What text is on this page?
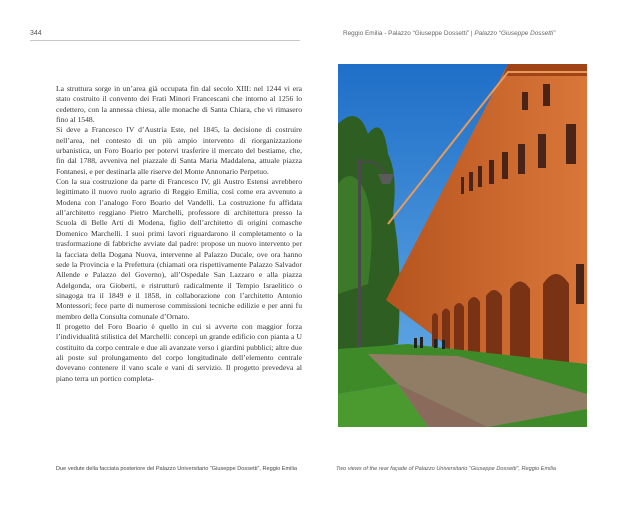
344	Reggio Emilia - Palazzo “Giuseppe Dossetti” | Palazzo “Giuseppe Dossetti”

La struttura sorge in un’area già occupata fin dal secolo XIII: nel 1244 vi era stato costruito il convento dei Frati Minori Francescani che intorno al 1256 lo cedettero, con la annessa chiesa, alle monache di Santa Chiara, che vi rimasero fino al 1548.

Si deve a Francesco IV d’Austria Este, nel 1845, la decisione di costruire nell’area, nel contesto di un più ampio intervento di riorganizzazione urbanistica, un Foro Boario per potervi trasferire il mercato del bestiame, che, fin dal 1788, avveniva nel piazzale di Santa Maria Maddalena, attuale piazza Fontanesi, e per destinarla alle riserve del Monte Annonario Perpetuo.

Con la sua costruzione da parte di Francesco IV, gli Austro Estensi avrebbero legittimato il nuovo ruolo agrario di Reggio Emilia, così come era avvenuto a Modena con l’analogo Foro Boario del Vandelli. La costruzione fu affidata all’architetto reggiano Pietro Marchelli, professore di architettura presso la Scuola di Belle Arti di Modena, figlio dell’architetto di origini comasche Domenico Marchelli. I suoi primi lavori riguardarono il completamento o la trasformazione di fabbriche avviate dal padre: propose un nuovo intervento per la facciata della Dogana Nuova, intervenne al Palazzo Ducale, ove ora hanno sede la Provincia e la Prefettura (chiamati ora rispettivamente Palazzo Salvador Allende e Palazzo del Governo), all’Ospedale San Lazzaro e alla piazza Adelgonda, ora Gioberti, e ristrutturò radicalmente il Tempio Israelitico o sinagoga tra il 1849 e il 1858, in collaborazione con l’architetto Antonio Montessori; fece parte di numerose commissioni tecniche edilizie e per anni fu membro della Consulta comunale d’Ornato.

Il progetto del Foro Boario è quello in cui si avverte con maggior forza l’individualità stilistica del Marchelli: concepì un grande edificio con pianta a U costituito da corpo centrale e due ali avanzate verso i giardini pubblici; altre due ali poste sul prolungamento del corpo longitudinale dell’elemento centrale dovevano contenere il vano scale e vani di servizio. Il progetto prevedeva al piano terra un portico completa-

Due vedute della facciata posteriore del Palazzo Universitario “Giuseppe Dossetti”, Reggio Emilia	Two views of the rear façade of Palazzo Universitario “Giuseppe Dossetti”, Reggio Emilia
